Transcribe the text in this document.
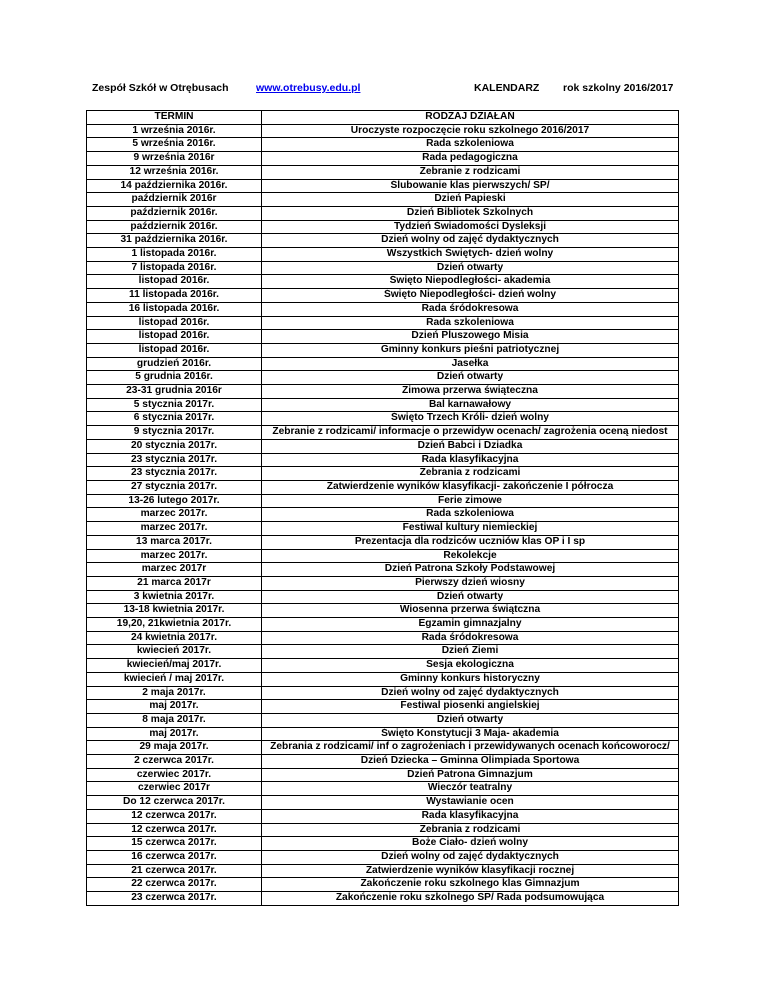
Zespół Szkół w Otrębusach	www.otrebusy.edu.pl	KALENDARZ rok szkolny 2016/2017
TERMIN	RODZAJ DZIAŁAŃ
1 września 2016r.	Uroczyste rozpoczęcie roku szkolnego 2016/2017
5 września 2016r.	Rada szkoleniowa
9 września 2016r	Rada pedagogiczna
12 września 2016r.	Zebranie z rodzicami
14 października 2016r.	Ślubowanie klas pierwszych/ SP/
październik 2016r	Dzień Papieski
październik 2016r.	Dzień Bibliotek Szkolnych
październik 2016r.	Tydzień Świadomości Dysleksji
31 października 2016r.	Dzień wolny od zajęć dydaktycznych
1 listopada 2016r.	Wszystkich Świętych- dzień wolny
7 listopada 2016r.	Dzień otwarty
listopad 2016r.	Święto Niepodległości- akademia
11 listopada 2016r.	Święto Niepodległości- dzień wolny
16 listopada 2016r.	Rada śródokresowa
listopad 2016r.	Rada szkoleniowa
listopad 2016r.	Dzień Pluszowego Misia
listopad 2016r.	Gminny konkurs pieśni patriotycznej
grudzień 2016r.	Jasełka
5 grudnia 2016r.	Dzień otwarty
23-31 grudnia 2016r	Zimowa przerwa świąteczna
5 stycznia 2017r.	Bal karnawałowy
6 stycznia 2017r.	Święto Trzech Króli- dzień wolny
9 stycznia 2017r.	Zebranie z rodzicami/ informacje o przewidyw ocenach/ zagrożenia oceną niedost
20 stycznia 2017r.	Dzień Babci i Dziadka
23 stycznia 2017r.	Rada klasyfikacyjna
23 stycznia 2017r.	Zebrania z rodzicami
27 stycznia 2017r.	Zatwierdzenie wyników klasyfikacji- zakończenie I półrocza
13-26 lutego 2017r.	Ferie zimowe
marzec 2017r.	Rada szkoleniowa
marzec 2017r.	Festiwal kultury niemieckiej
13 marca 2017r.	Prezentacja dla rodziców uczniów klas OP i I sp
marzec 2017r.	Rekolekcje
marzec 2017r	Dzień Patrona Szkoły Podstawowej
21 marca 2017r	Pierwszy dzień wiosny
3 kwietnia 2017r.	Dzień otwarty
13-18 kwietnia 2017r.	Wiosenna przerwa świątczna
19,20, 21kwietnia 2017r.	Egzamin gimnazjalny
24 kwietnia 2017r.	Rada śródokresowa
kwiecień 2017r.	Dzień Ziemi
kwiecień/maj 2017r.	Sesja ekologiczna
kwiecień / maj 2017r.	Gminny konkurs historyczny
2 maja 2017r.	Dzień wolny od zajęć dydaktycznych
maj 2017r.	Festiwal piosenki angielskiej
8 maja 2017r.	Dzień otwarty
maj 2017r.	Święto Konstytucji 3 Maja- akademia
29 maja 2017r.	Zebrania z rodzicami/ inf o zagrożeniach i przewidywanych ocenach końcoworocz/
2 czerwca 2017r.	Dzień Dziecka – Gminna Olimpiada Sportowa
czerwiec 2017r.	Dzień Patrona Gimnazjum
czerwiec 2017r	Wieczór teatralny
Do 12 czerwca 2017r.	Wystawianie ocen
12 czerwca 2017r.	Rada klasyfikacyjna
12 czerwca 2017r.	Zebrania z rodzicami
15 czerwca 2017r.	Boże Ciało- dzień wolny
16 czerwca 2017r.	Dzień wolny od zajęć dydaktycznych
21 czerwca 2017r.	Zatwierdzenie wyników klasyfikacji rocznej
22 czerwca 2017r.	Zakończenie roku szkolnego klas Gimnazjum
23 czerwca 2017r.	Zakończenie roku szkolnego SP/ Rada podsumowująca
